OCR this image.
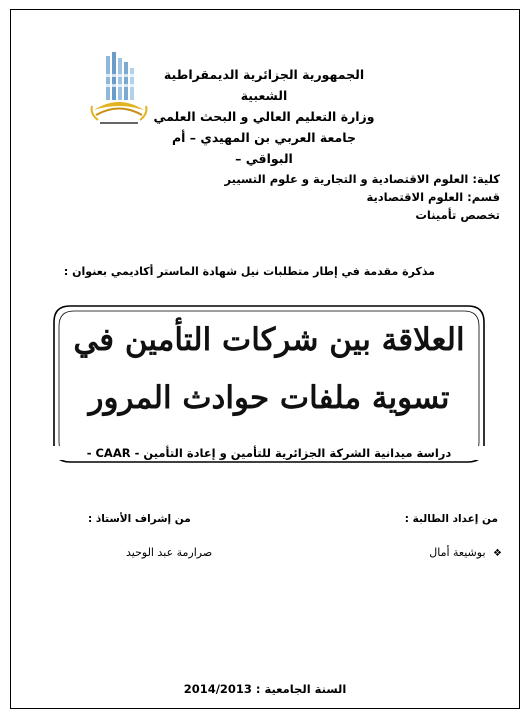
الجمهورية الجزائرية الديمقراطية الشعبية
وزارة التعليم العالي و البحث العلمي
جامعة العربي بن المهيدي – أم البواقي –
كلية: العلوم الاقتصادية و التجارية و علوم التسيير
قسم: العلوم الاقتصادية
تخصص تأمينات
مذكرة مقدمة في إطار متطلبات نيل شهادة الماستر أكاديمي بعنوان :
العلاقة بين شركات التأمين في
تسوية ملفات حوادث المرور
دراسة ميدانية الشركة الجزائرية للتأمين و إعادة التأمين - CAAR -
من إعداد الطالبة :
من إشراف الأستاذ :
❖ بوشيعة أمال
صرارمة عبد الوحيد
السنة الجامعية : 2014/2013
